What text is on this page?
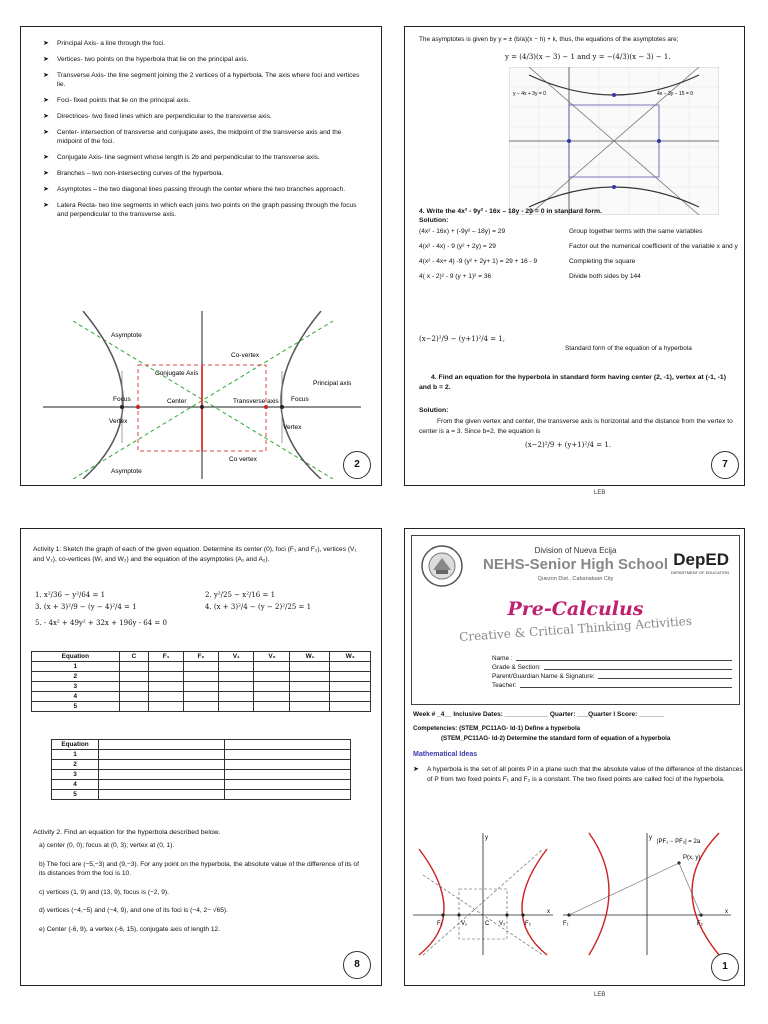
➤ Principal Axis- a line through the foci.
➤ Vertices- two points on the hyperbola that lie on the principal axis.
➤ Transverse Axis- the line segment joining the 2 vertices of a hyperbola. The axis where foci and vertices lie.
➤ Foci- fixed points that lie on the principal axis.
➤ Directrices- two fixed lines which are perpendicular to the transverse axis.
➤ Center- intersection of transverse and conjugate axes, the midpoint of the transverse axis and the midpoint of the foci.
➤ Conjugate Axis- line segment whose length is 2b and perpendicular to the transverse axis.
➤ Branches – two non-intersecting curves of the hyperbola.
➤ Asymptotes – the two diagonal lines passing through the center where the two branches approach.
➤ Latera Recta- two line segments in which each joins two points on the graph passing through the focus and perpendicular to the transverse axis.
Asymptote
Asymptote
Co-vertex
Co vertex
Conjugate Axis
Principal axis
Focus	Focus
Center	Transverse axis
Vertex
Vertex
2
The asymptotes is given by y = ± (b/a)(x − h) + k, thus, the equations of the asymptotes are;
y = (4/3)(x − 3) − 1 and y = −(4/3)(x − 3) − 1.
y − 4x + 3y = 0	4x − 3y − 15 = 0
4. Write the 4x² - 9y² - 16x – 18y - 29 = 0 in standard form.
Solution:
(4x² - 16x) + (-9y² – 18y) = 29	Group together terms with the same variables
4(x² - 4x) - 9 (y² + 2y) = 29	Factor out the numerical coefficient of the variable x and y
4(x² - 4x+ 4) -9 (y² + 2y+ 1) = 29 + 16 - 9	Completing the square
4( x - 2)² - 9 (y + 1)² = 36	Divide both sides by 144
(x−2)²/9 − (y+1)²/4 = 1,
Standard form of the equation of a hyperbola
4. Find an equation for the hyperbola in standard form having center (2, -1), vertex at (-1, -1) and b = 2.
Solution:
From the given vertex and center, the transverse axis is horizontal and the distance from the vertex to center is a = 3. Since b=2, the equation is
(x−2)²/9 + (y+1)²/4 = 1.
7
LEB
Activity 1: Sketch the graph of each of the given equation. Determine its center (0), foci (F₁ and F₂), vertices (V₁ and V₂), co-vertices (W₁ and W₂) and the equation of the asymptotes (A₁ and A₂).
1. x²/36 − y²/64 = 1	2. y²/25 − x²/16 = 1
3. (x + 3)²/9 − (y − 4)²/4 = 1	4. (x + 3)²/4 − (y − 2)²/25 = 1
5. - 4x² + 49y² + 32x + 196y - 64 = 0
Equation	C	F₁	F₂	V₁	V₂	W₁	W₂
1							
2							
3							
4							
5							
Equation		
1		
2		
3		
4		
5		
Activity 2. Find an equation for the hyperbola described below.
a) center (0, 0); focus at (0, 3); vertex at (0, 1).
b) The foci are (−5,−3) and (9,−3). For any point on the hyperbola, the absolute value of the difference of its of its distances from the foci is 10.
c) vertices (1, 9) and (13, 9), focus is (−2, 9).
d) vertices (−4,−5) and (−4, 9), and one of its foci is (−4, 2− √65).
e) Center (-6, 9), a vertex (-6, 15), conjugate axis of length 12.
8
Division of Nueva Ecija
NEHS-Senior High School
Quezon Dist., Cabanatuan City
DepED
DEPARTMENT OF EDUCATION
Pre-Calculus
Creative & Critical Thinking Activities
Name :
Grade & Section:
Parent/Guardian Name & Signature:
Teacher:
Week # _4__ Inclusive Dates: ____________ Quarter: ___Quarter I Score: _______
Competencies: (STEM_PC11AG- Id-1) Define a hyperbola
(STEM_PC11AG- Id-2) Determine the standard form of equation of a hyperbola
Mathematical Ideas
➤ A hyperbola is the set of all points P in a plane such that the absolute value of the difference of the distances of P from two fixed points F₁ and F₂ is a constant. The two fixed points are called foci of the hyperbola.
F₁	F₂
V₁	V₂
C
y
x
F₁	F₂
y
x
|PF₁ − PF₂| = 2a
P(x, y)
1
LEB
